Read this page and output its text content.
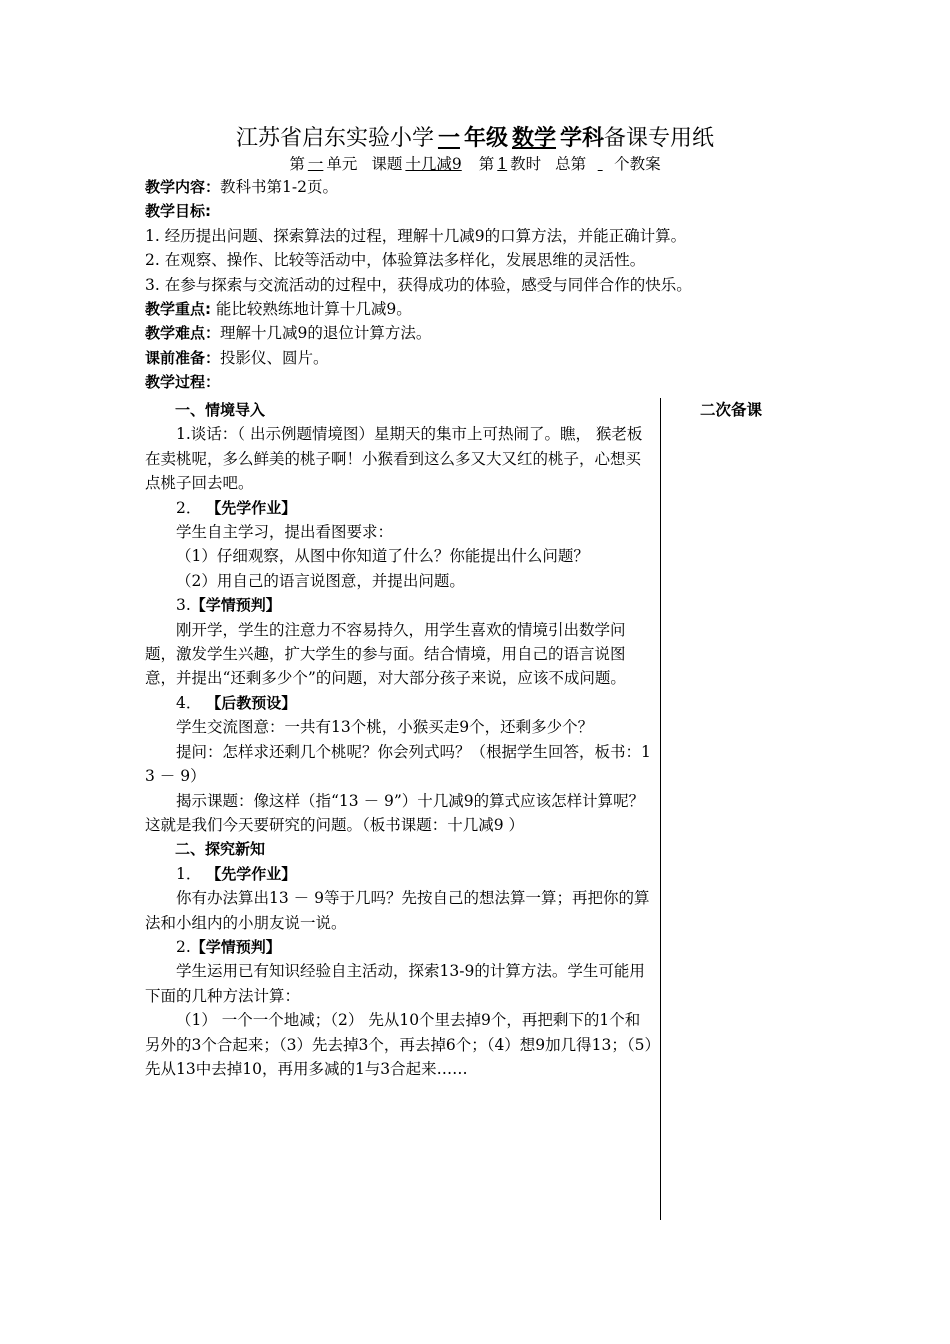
江苏省启东实验小学 一 年级 数学 学科备课专用纸
第 一 单元 课题 十几减9 第 1 教时 总第 个教案
教学内容：教科书第1-2页。
教学目标:
1. 经历提出问题、探索算法的过程，理解十几减9的口算方法，并能正确计算。
2. 在观察、操作、比较等活动中，体验算法多样化，发展思维的灵活性。
3. 在参与探索与交流活动的过程中，获得成功的体验，感受与同伴合作的快乐。
教学重点: 能比较熟练地计算十几减9。
教学难点：理解十几减9的退位计算方法。
课前准备：投影仪、圆片。
教学过程：
二次备课

一、情境导入

1.谈话：（ 出示例题情境图）星期天的集市上可热闹了。瞧， 猴老板在卖桃呢，多么鲜美的桃子啊！小猴看到这么多又大又红的桃子，心想买点桃子回去吧。

2． 【先学作业】

学生自主学习，提出看图要求：

（1）仔细观察，从图中你知道了什么？你能提出什么问题？

（2）用自己的语言说图意，并提出问题。

3.【学情预判】

刚开学，学生的注意力不容易持久，用学生喜欢的情境引出数学问题，激发学生兴趣，扩大学生的参与面。结合情境，用自己的语言说图意，并提出“还剩多少个”的问题，对大部分孩子来说，应该不成问题。

4． 【后教预设】

学生交流图意：一共有13个桃，小猴买走9个，还剩多少个？

提问：怎样求还剩几个桃呢？你会列式吗？（根据学生回答，板书：13 － 9）

揭示课题：像这样（指“13 － 9”）十几减9的算式应该怎样计算呢？这就是我们今天要研究的问题。（板书课题：十几减9 ）

二、探究新知

1． 【先学作业】

你有办法算出13 － 9等于几吗？先按自己的想法算一算；再把你的算法和小组内的小朋友说一说。

2.【学情预判】

学生运用已有知识经验自主活动，探索13-9的计算方法。学生可能用下面的几种方法计算：

（1） 一个一个地减；（2） 先从10个里去掉9个，再把剩下的1个和另外的3个合起来；（3）先去掉3个，再去掉6个；（4）想9加几得13；（5）先从13中去掉10，再用多减的1与3合起来……
